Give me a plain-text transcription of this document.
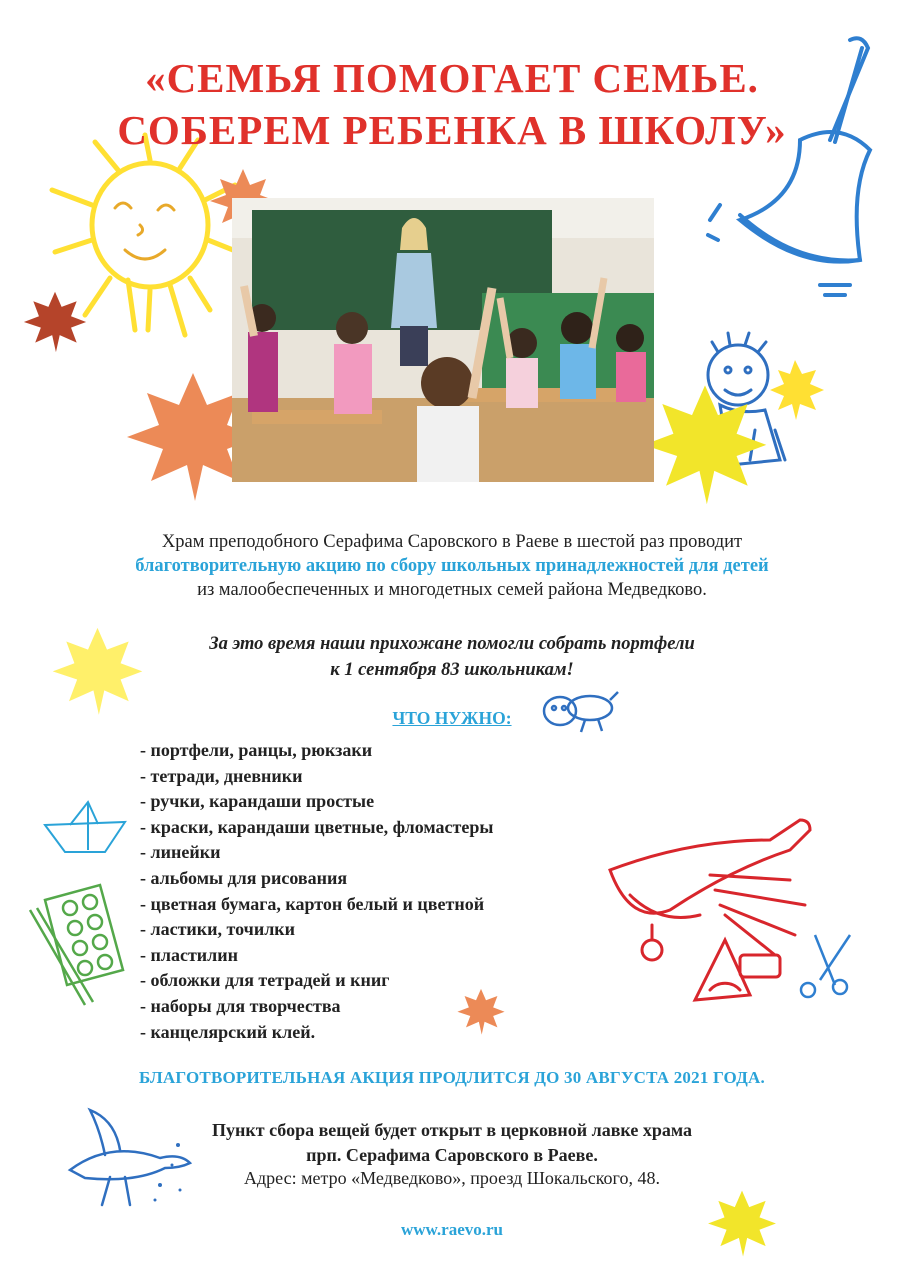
«СЕМЬЯ ПОМОГАЕТ СЕМЬЕ.
СОБЕРЕМ РЕБЕНКА В ШКОЛУ»
Храм преподобного Серафима Саровского в Раеве в шестой раз проводит
благотворительную акцию по сбору школьных принадлежностей для детей
из малообеспеченных и многодетных семей района Медведково.
За это время наши прихожане помогли собрать портфели
к 1 сентября 83 школьникам!
ЧТО НУЖНО:
- портфели, ранцы, рюкзаки
- тетради, дневники
- ручки, карандаши простые
- краски, карандаши цветные, фломастеры
- линейки
- альбомы для рисования
- цветная бумага, картон белый и цветной
- ластики, точилки
- пластилин
- обложки для тетрадей и книг
- наборы для творчества
- канцелярский клей.
БЛАГОТВОРИТЕЛЬНАЯ АКЦИЯ ПРОДЛИТСЯ ДО 30 АВГУСТА 2021 ГОДА.
Пункт сбора вещей будет открыт в церковной лавке храма
прп. Серафима Саровского в Раеве.
Адрес: метро «Медведково», проезд Шокальского, 48.
www.raevo.ru
